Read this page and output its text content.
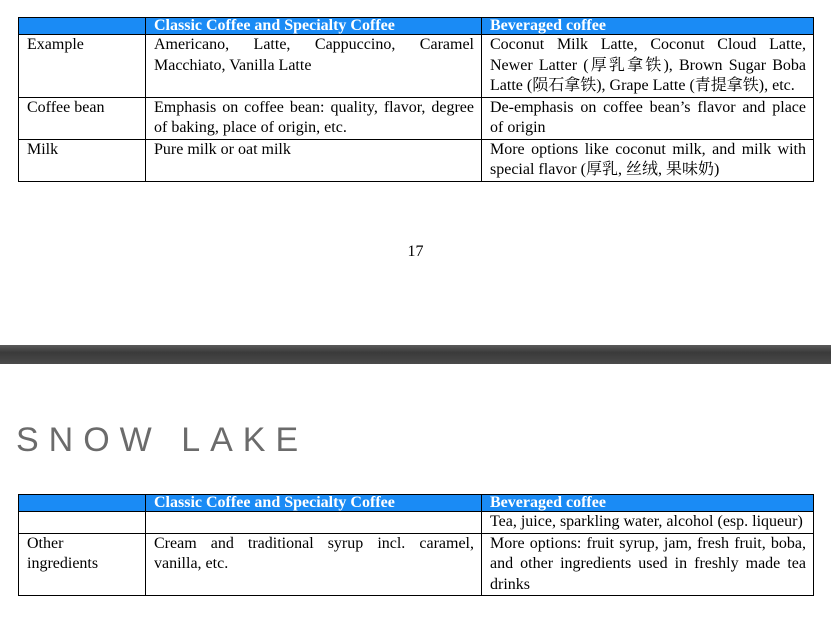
	Classic Coffee and Specialty Coffee	Beveraged coffee
Example	Americano, Latte, Cappuccino, Caramel Macchiato, Vanilla Latte	Coconut Milk Latte, Coconut Cloud Latte, Newer Latter (厚乳拿铁), Brown Sugar Boba Latte (陨石拿铁), Grape Latte (青提拿铁), etc.
Coffee bean	Emphasis on coffee bean: quality, flavor, degree of baking, place of origin, etc.	De-emphasis on coffee bean’s flavor and place of origin
Milk	Pure milk or oat milk	More options like coconut milk, and milk with special flavor (厚乳, 丝绒, 果味奶)
17
SNOW LAKE
	Classic Coffee and Specialty Coffee	Beveraged coffee
		Tea, juice, sparkling water, alcohol (esp. liqueur)
Other ingredients	Cream and traditional syrup incl. caramel, vanilla, etc.	More options: fruit syrup, jam, fresh fruit, boba, and other ingredients used in freshly made tea drinks
